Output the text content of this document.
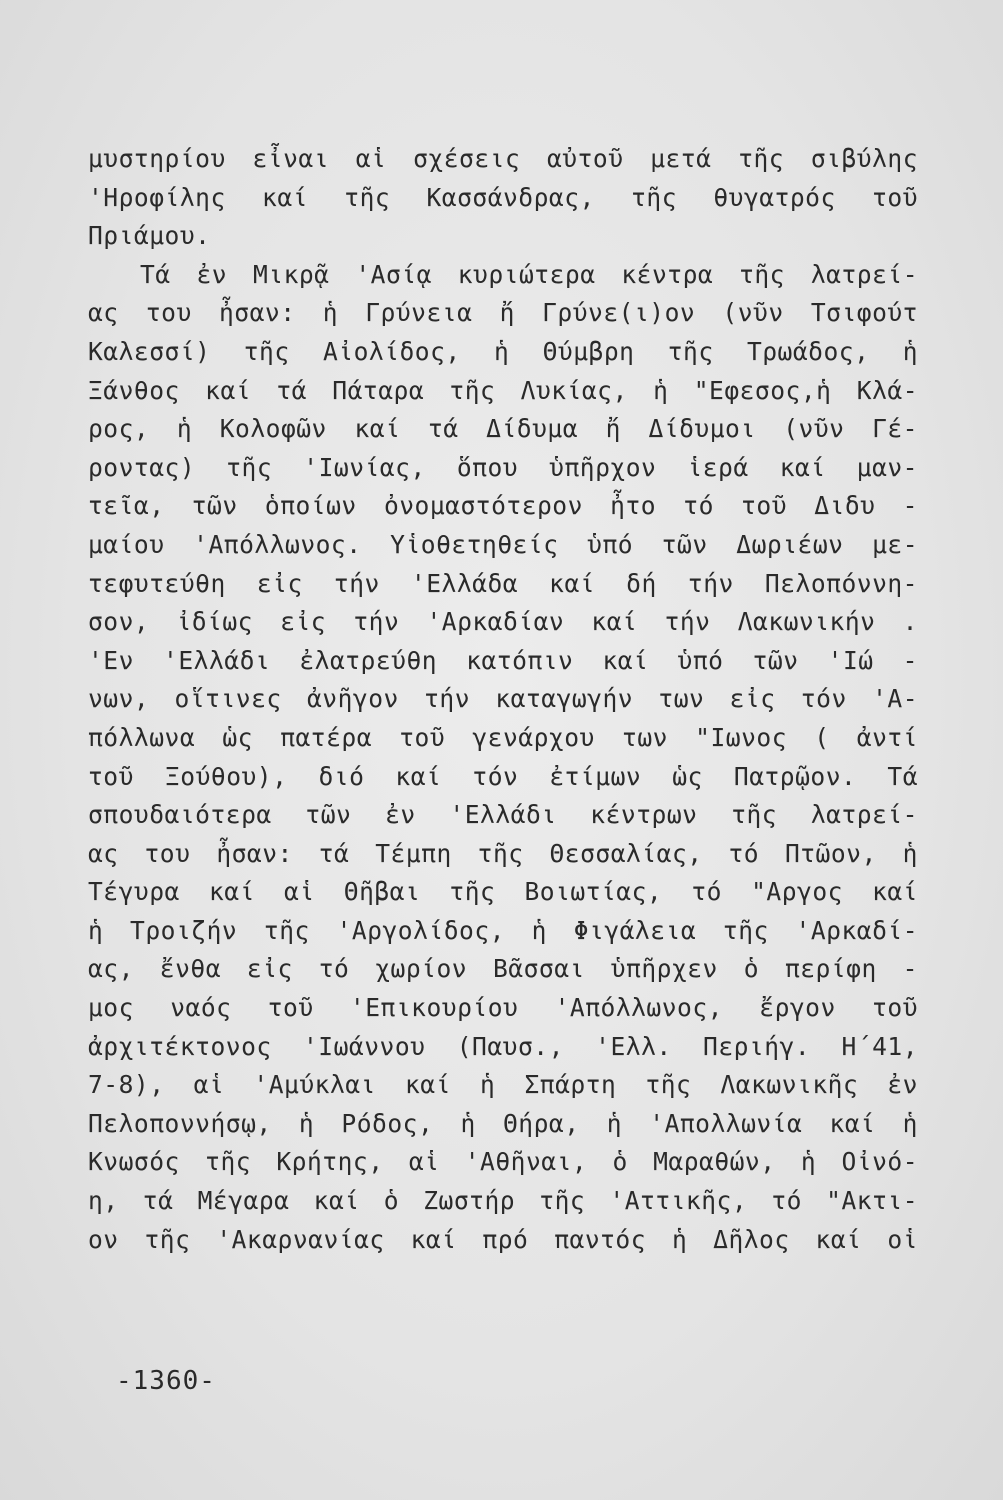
μυστηρίου εἶναι αἱ σχέσεις αὐτοῦ μετά τῆς σιβύλης
'Ηροφίλης καί τῆς Κασσάνδρας, τῆς θυγατρός τοῦ
Πριάμου.
Τά ἐν Μικρᾷ 'Ασίᾳ κυριώτερα κέντρα τῆς λατρεί-
ας του ἦσαν: ἡ Γρύνεια ἤ Γρύνε(ι)ον (νῦν Τσιφούτ
Καλεσσί) τῆς Αἰολίδος, ἡ Θύμβρη τῆς Τρωάδος, ἡ
Ξάνθος καί τά Πάταρα τῆς Λυκίας, ἡ "Εφεσος,ἡ Κλά-
ρος, ἡ Κολοφῶν καί τά Δίδυμα ἤ Δίδυμοι (νῦν Γέ-
ροντας) τῆς 'Ιωνίας, ὅπου ὑπῆρχον ἱερά καί μαν-
τεῖα, τῶν ὁποίων ὀνομαστότερον ἦτο τό τοῦ Διδυ -
μαίου 'Απόλλωνος. Υἱοθετηθείς ὑπό τῶν Δωριέων με-
τεφυτεύθη εἰς τήν 'Ελλάδα καί δή τήν Πελοπόννη-
σον, ἰδίως εἰς τήν 'Αρκαδίαν καί τήν Λακωνικήν .
'Εν 'Ελλάδι ἐλατρεύθη κατόπιν καί ὑπό τῶν 'Ιώ -
νων, οἵτινες ἀνῆγον τήν καταγωγήν των εἰς τόν 'Α-
πόλλωνα ὡς πατέρα τοῦ γενάρχου των "Ιωνος ( ἀντί
τοῦ Ξούθου), διό καί τόν ἐτίμων ὡς Πατρῷον. Τά
σπουδαιότερα τῶν ἐν 'Ελλάδι κέντρων τῆς λατρεί-
ας του ἦσαν: τά Τέμπη τῆς Θεσσαλίας, τό Πτῶον, ἡ
Τέγυρα καί αἱ Θῆβαι τῆς Βοιωτίας, τό "Αργος καί
ἡ Τροιζήν τῆς 'Αργολίδος, ἡ Φιγάλεια τῆς 'Αρκαδί-
ας, ἔνθα εἰς τό χωρίον Βᾶσσαι ὑπῆρχεν ὁ περίφη -
μος ναός τοῦ 'Επικουρίου 'Απόλλωνος, ἔργον τοῦ
ἀρχιτέκτονος 'Ιωάννου (Παυσ., 'Ελλ. Περιήγ. Η΄41,
7-8), αἱ 'Αμύκλαι καί ἡ Σπάρτη τῆς Λακωνικῆς ἐν
Πελοποννήσῳ, ἡ Ρόδος, ἡ Θήρα, ἡ 'Απολλωνία καί ἡ
Κνωσός τῆς Κρήτης, αἱ 'Αθῆναι, ὁ Μαραθών, ἡ Οἰνό-
η, τά Μέγαρα καί ὁ Ζωστήρ τῆς 'Αττικῆς, τό "Ακτι-
ον τῆς 'Ακαρνανίας καί πρό παντός ἡ Δῆλος καί οἱ
-1360-
